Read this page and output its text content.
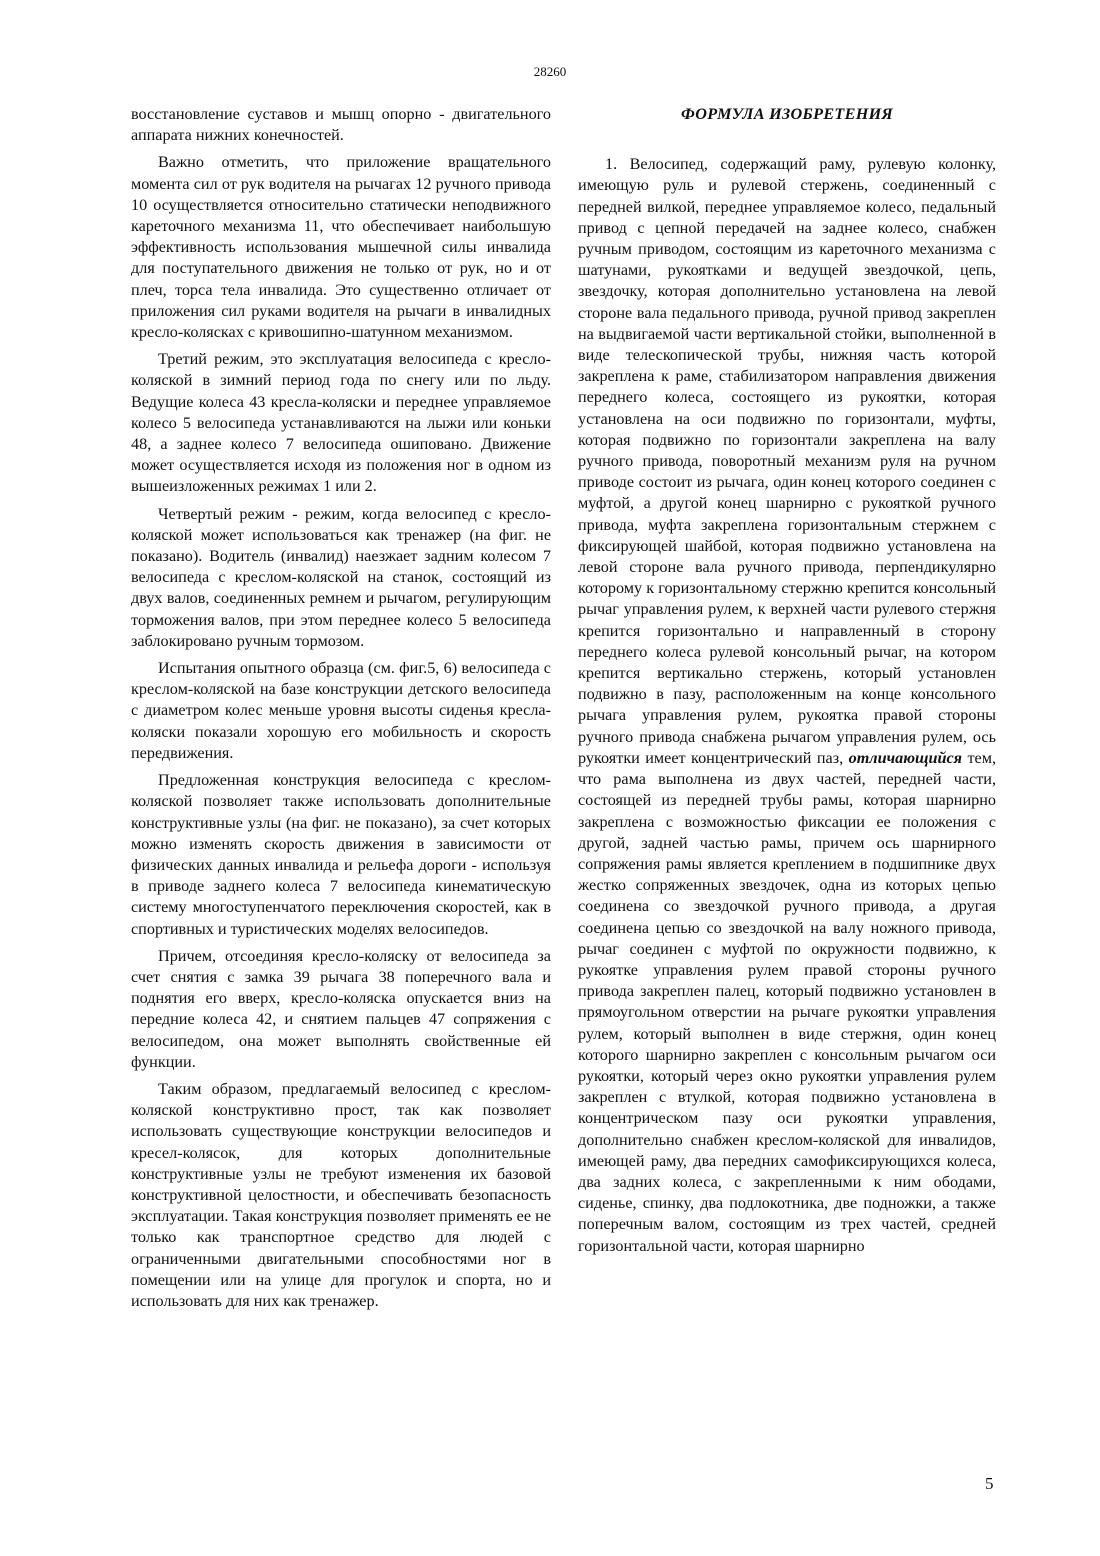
28260

восстановление суставов и мышц опорно - двигательного аппарата нижних конечностей.

Важно отметить, что приложение вращательного момента сил от рук водителя на рычагах 12 ручного привода 10 осуществляется относительно статически неподвижного кареточного механизма 11, что обеспечивает наибольшую эффективность использования мышечной силы инвалида для поступательного движения не только от рук, но и от плеч, торса тела инвалида. Это существенно отличает от приложения сил руками водителя на рычаги в инвалидных кресло-колясках с кривошипно-шатунном механизмом.

Третий режим, это эксплуатация велосипеда с кресло-коляской в зимний период года по снегу или по льду. Ведущие колеса 43 кресла-коляски и переднее управляемое колесо 5 велосипеда устанавливаются на лыжи или коньки 48, а заднее колесо 7 велосипеда ошиповано. Движение может осуществляется исходя из положения ног в одном из вышеизложенных режимах 1 или 2.

Четвертый режим - режим, когда велосипед с кресло-коляской может использоваться как тренажер (на фиг. не показано). Водитель (инвалид) наезжает задним колесом 7 велосипеда с креслом-коляской на станок, состоящий из двух валов, соединенных ремнем и рычагом, регулирующим торможения валов, при этом переднее колесо 5 велосипеда заблокировано ручным тормозом.

Испытания опытного образца (см. фиг.5, 6) велосипеда с креслом-коляской на базе конструкции детского велосипеда с диаметром колес меньше уровня высоты сиденья кресла-коляски показали хорошую его мобильность и скорость передвижения.

Предложенная конструкция велосипеда с креслом-коляской позволяет также использовать дополнительные конструктивные узлы (на фиг. не показано), за счет которых можно изменять скорость движения в зависимости от физических данных инвалида и рельефа дороги - используя в приводе заднего колеса 7 велосипеда кинематическую систему многоступенчатого переключения скоростей, как в спортивных и туристических моделях велосипедов.

Причем, отсоединяя кресло-коляску от велосипеда за счет снятия с замка 39 рычага 38 поперечного вала и поднятия его вверх, кресло-коляска опускается вниз на передние колеса 42, и снятием пальцев 47 сопряжения с велосипедом, она может выполнять свойственные ей функции.

Таким образом, предлагаемый велосипед с креслом-коляской конструктивно прост, так как позволяет использовать существующие конструкции велосипедов и кресел-колясок, для которых дополнительные конструктивные узлы не требуют изменения их базовой конструктивной целостности, и обеспечивать безопасность эксплуатации. Такая конструкция позволяет применять ее не только как транспортное средство для людей с ограниченными двигательными способностями ног в помещении или на улице для прогулок и спорта, но и использовать для них как тренажер.

ФОРМУЛА ИЗОБРЕТЕНИЯ

1. Велосипед, содержащий раму, рулевую колонку, имеющую руль и рулевой стержень, соединенный с передней вилкой, переднее управляемое колесо, педальный привод с цепной передачей на заднее колесо, снабжен ручным приводом, состоящим из кареточного механизма с шатунами, рукоятками и ведущей звездочкой, цепь, звездочку, которая дополнительно установлена на левой стороне вала педального привода, ручной привод закреплен на выдвигаемой части вертикальной стойки, выполненной в виде телескопической трубы, нижняя часть которой закреплена к раме, стабилизатором направления движения переднего колеса, состоящего из рукоятки, которая установлена на оси подвижно по горизонтали, муфты, которая подвижно по горизонтали закреплена на валу ручного привода, поворотный механизм руля на ручном приводе состоит из рычага, один конец которого соединен с муфтой, а другой конец шарнирно с рукояткой ручного привода, муфта закреплена горизонтальным стержнем с фиксирующей шайбой, которая подвижно установлена на левой стороне вала ручного привода, перпендикулярно которому к горизонтальному стержню крепится консольный рычаг управления рулем, к верхней части рулевого стержня крепится горизонтально и направленный в сторону переднего колеса рулевой консольный рычаг, на котором крепится вертикально стержень, который установлен подвижно в пазу, расположенным на конце консольного рычага управления рулем, рукоятка правой стороны ручного привода снабжена рычагом управления рулем, ось рукоятки имеет концентрический паз, отличающийся тем, что рама выполнена из двух частей, передней части, состоящей из передней трубы рамы, которая шарнирно закреплена с возможностью фиксации ее положения с другой, задней частью рамы, причем ось шарнирного сопряжения рамы является креплением в подшипнике двух жестко сопряженных звездочек, одна из которых цепью соединена со звездочкой ручного привода, а другая соединена цепью со звездочкой на валу ножного привода, рычаг соединен с муфтой по окружности подвижно, к рукоятке управления рулем правой стороны ручного привода закреплен палец, который подвижно установлен в прямоугольном отверстии на рычаге рукоятки управления рулем, который выполнен в виде стержня, один конец которого шарнирно закреплен с консольным рычагом оси рукоятки, который через окно рукоятки управления рулем закреплен с втулкой, которая подвижно установлена в концентрическом пазу оси рукоятки управления, дополнительно снабжен креслом-коляской для инвалидов, имеющей раму, два передних самофиксирующихся колеса, два задних колеса, с закрепленными к ним ободами, сиденье, спинку, два подлокотника, две подножки, а также поперечным валом, состоящим из трех частей, средней горизонтальной части, которая шарнирно

5
